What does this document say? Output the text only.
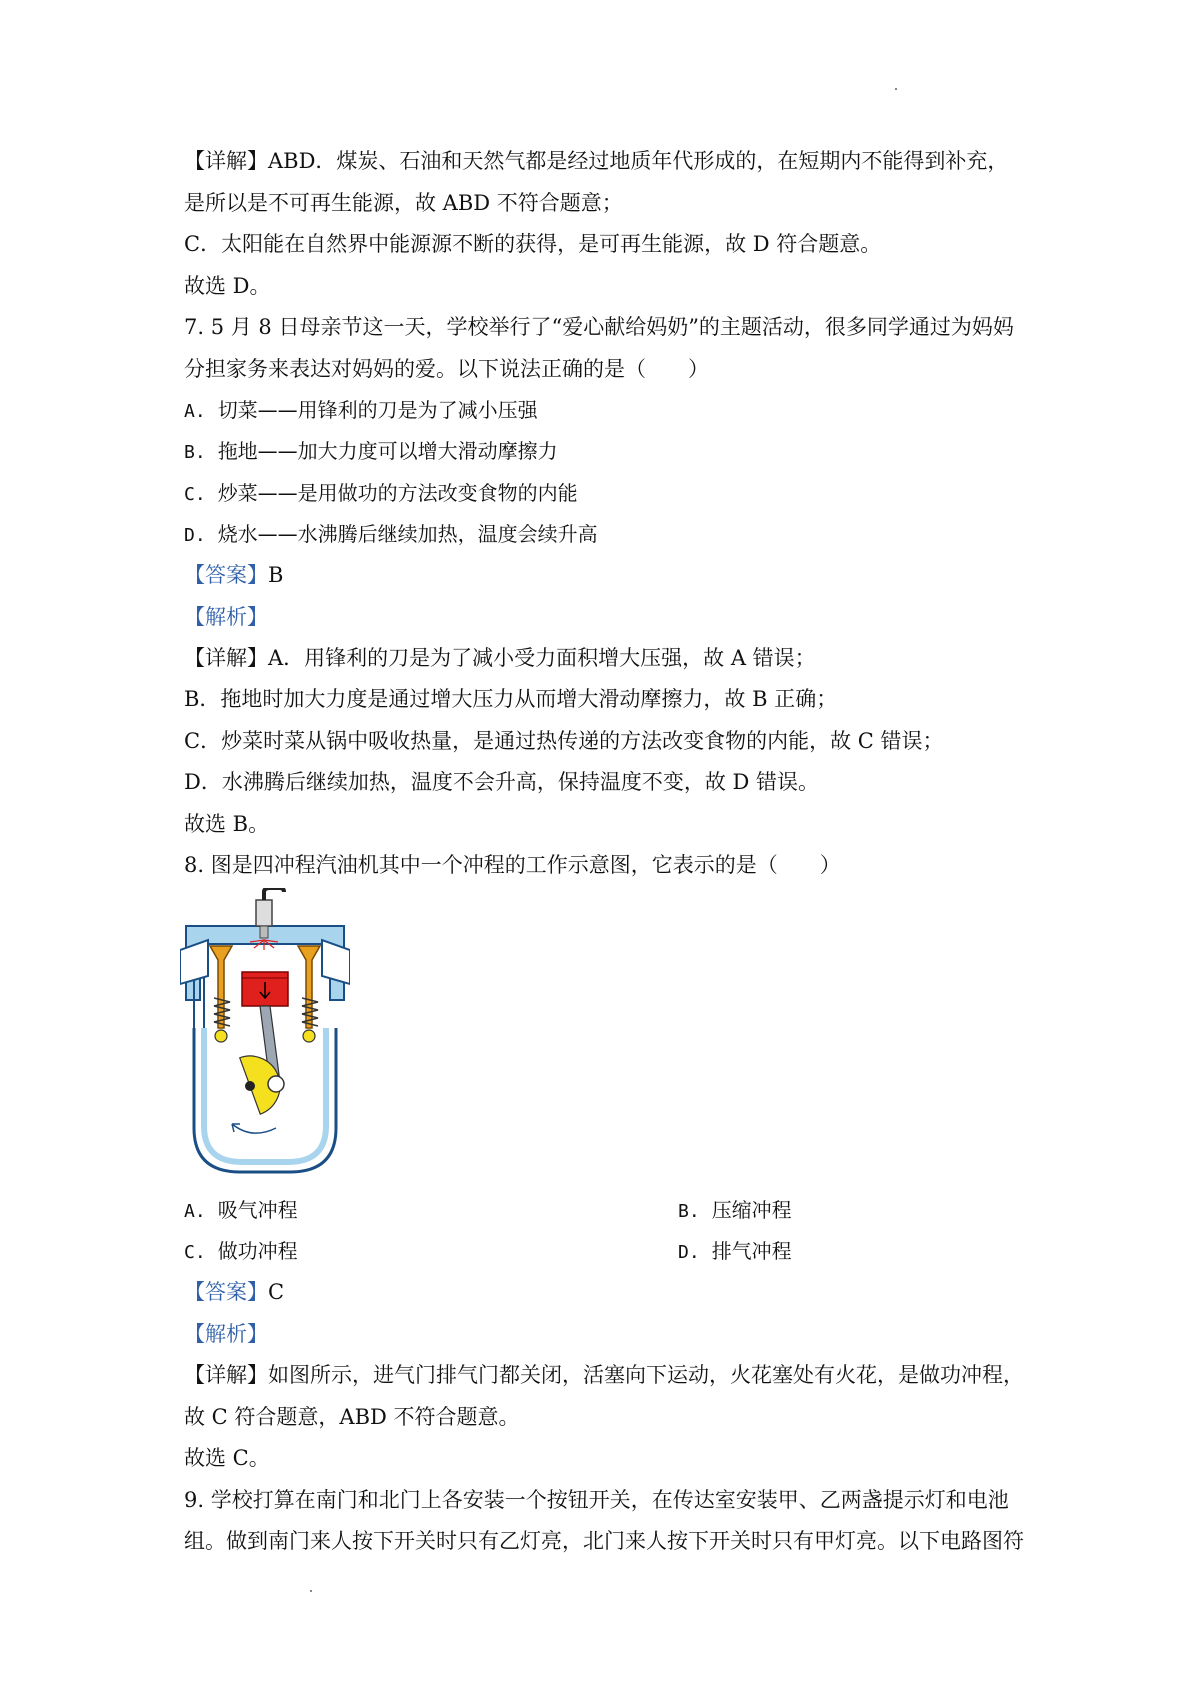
【详解】ABD．煤炭、石油和天然气都是经过地质年代形成的，在短期内不能得到补充，
是所以是不可再生能源，故 ABD 不符合题意；
C．太阳能在自然界中能源源不断的获得，是可再生能源，故 D 符合题意。
故选 D。
7. 5 月 8 日母亲节这一天，学校举行了“爱心献给妈奶”的主题活动，很多同学通过为妈妈
分担家务来表达对妈妈的爱。以下说法正确的是（　　）
A. 切菜——用锋利的刀是为了减小压强
B. 拖地——加大力度可以增大滑动摩擦力
C. 炒菜——是用做功的方法改变食物的内能
D. 烧水——水沸腾后继续加热，温度会续升高
【答案】B
【解析】
【详解】A．用锋利的刀是为了减小受力面积增大压强，故 A 错误；
B．拖地时加大力度是通过增大压力从而增大滑动摩擦力，故 B 正确；
C．炒菜时菜从锅中吸收热量，是通过热传递的方法改变食物的内能，故 C 错误；
D．水沸腾后继续加热，温度不会升高，保持温度不变，故 D 错误。
故选 B。
8. 图是四冲程汽油机其中一个冲程的工作示意图，它表示的是（　　）
A. 吸气冲程	B. 压缩冲程
C. 做功冲程	D. 排气冲程
【答案】C
【解析】
【详解】如图所示，进气门排气门都关闭，活塞向下运动，火花塞处有火花，是做功冲程，
故 C 符合题意，ABD 不符合题意。
故选 C。
9. 学校打算在南门和北门上各安装一个按钮开关，在传达室安装甲、乙两盏提示灯和电池
组。做到南门来人按下开关时只有乙灯亮，北门来人按下开关时只有甲灯亮。以下电路图符
